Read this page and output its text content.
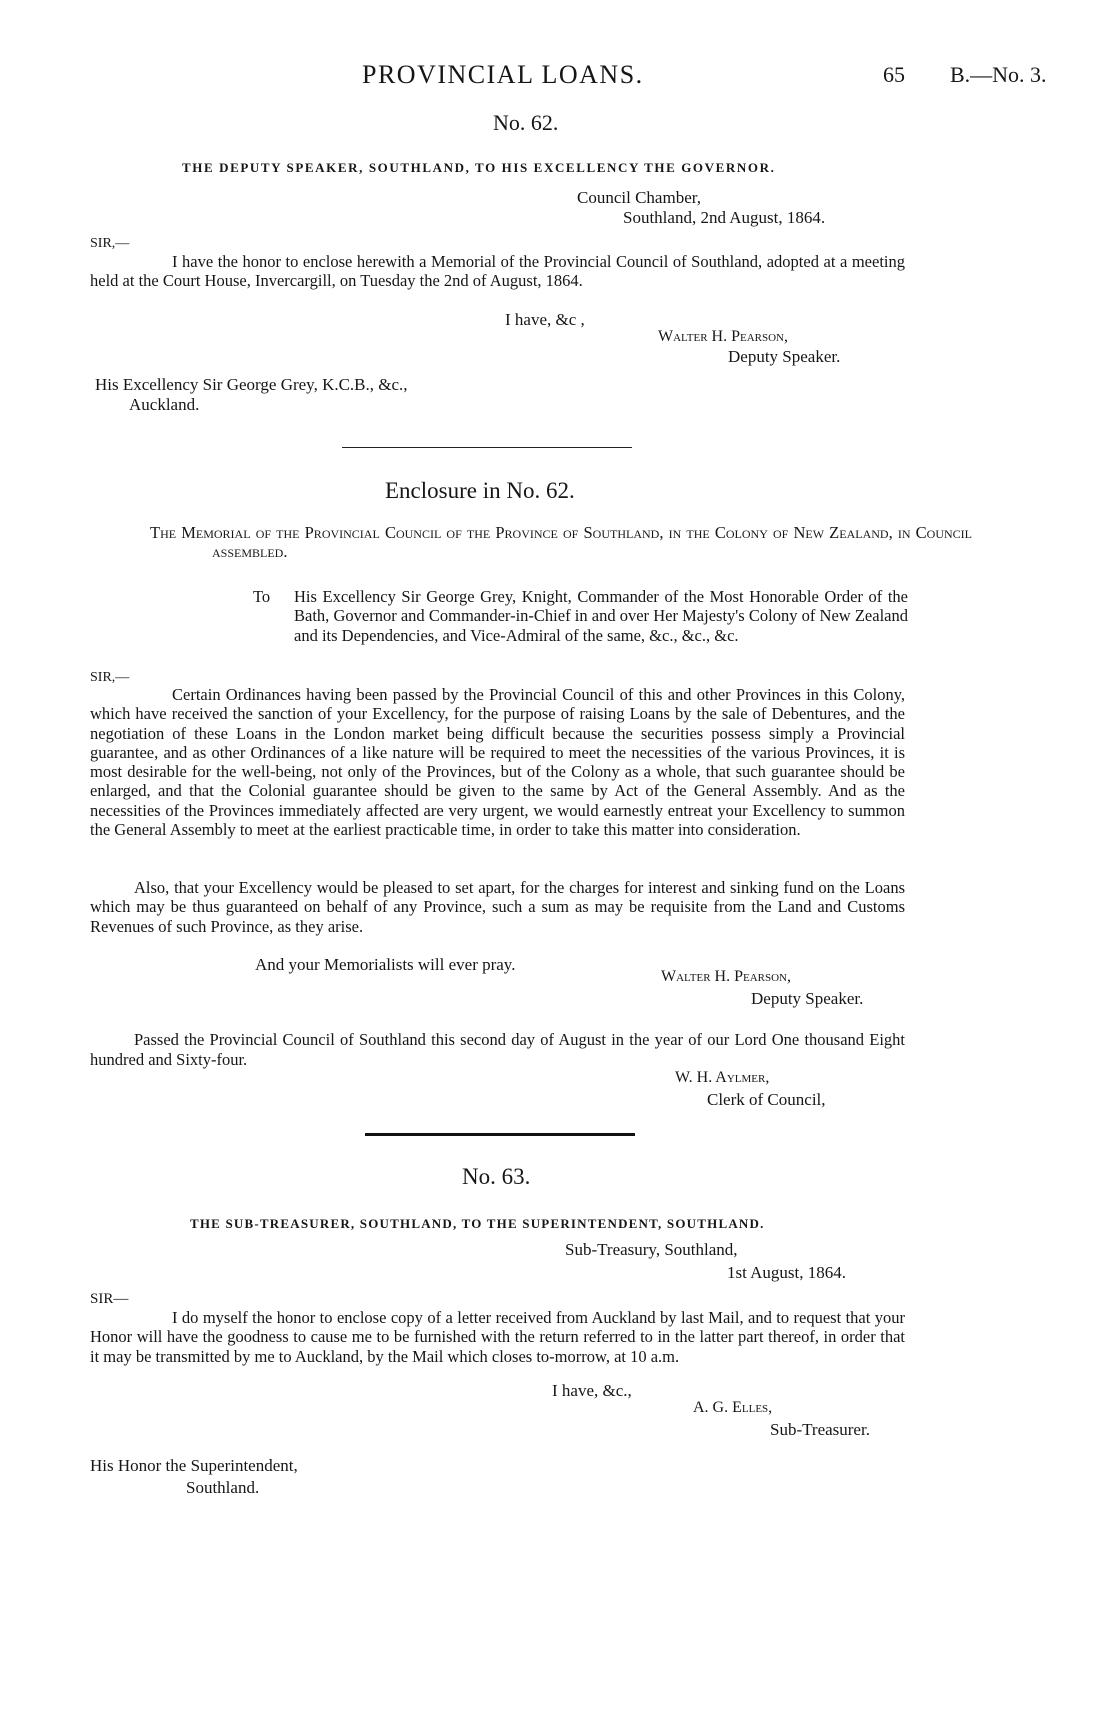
PROVINCIAL LOANS.	65 B.—No. 3.
No. 62.
THE DEPUTY SPEAKER, SOUTHLAND, TO HIS EXCELLENCY THE GOVERNOR.
Council Chamber,
Southland, 2nd August, 1864.
SIR,—

I have the honor to enclose herewith a Memorial of the Provincial Council of Southland, adopted at a meeting held at the Court House, Invercargill, on Tuesday the 2nd of August, 1864.

I have, &c ,
Walter H. Pearson,
Deputy Speaker.
His Excellency Sir George Grey, K.C.B., &c.,
Auckland.
Enclosure in No. 62.

The Memorial of the Provincial Council of the Province of Southland, in the Colony of New Zealand, in Council assembled.

To His Excellency Sir George Grey, Knight, Commander of the Most Honorable Order of the Bath, Governor and Commander-in-Chief in and over Her Majesty's Colony of New Zealand and its Dependencies, and Vice-Admiral of the same, &c., &c., &c.

SIR,—

Certain Ordinances having been passed by the Provincial Council of this and other Provinces in this Colony, which have received the sanction of your Excellency, for the purpose of raising Loans by the sale of Debentures, and the negotiation of these Loans in the London market being difficult because the securities possess simply a Provincial guarantee, and as other Ordinances of a like nature will be required to meet the necessities of the various Provinces, it is most desirable for the well-being, not only of the Provinces, but of the Colony as a whole, that such guarantee should be enlarged, and that the Colonial guarantee should be given to the same by Act of the General Assembly. And as the necessities of the Provinces immediately affected are very urgent, we would earnestly entreat your Excellency to summon the General Assembly to meet at the earliest practicable time, in order to take this matter into consideration.

Also, that your Excellency would be pleased to set apart, for the charges for interest and sinking fund on the Loans which may be thus guaranteed on behalf of any Province, such a sum as may be requisite from the Land and Customs Revenues of such Province, as they arise.

And your Memorialists will ever pray.
Walter H. Pearson,
Deputy Speaker.

Passed the Provincial Council of Southland this second day of August in the year of our Lord One thousand Eight hundred and Sixty-four.

W. H. Aylmer,
Clerk of Council,
No. 63.
THE SUB-TREASURER, SOUTHLAND, TO THE SUPERINTENDENT, SOUTHLAND.
Sub-Treasury, Southland,
1st August, 1864.
SIR—

I do myself the honor to enclose copy of a letter received from Auckland by last Mail, and to request that your Honor will have the goodness to cause me to be furnished with the return referred to in the latter part thereof, in order that it may be transmitted by me to Auckland, by the Mail which closes to-morrow, at 10 a.m.

I have, &c.,
A. G. Elles,
Sub-Treasurer.
His Honor the Superintendent,
Southland.
